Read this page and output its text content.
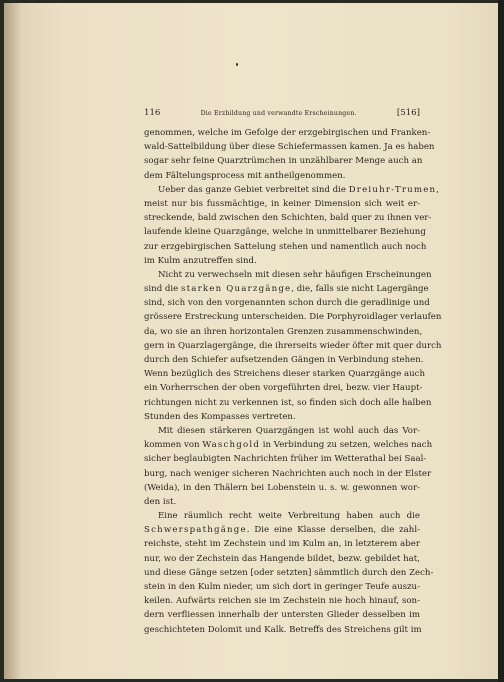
116	Die Erzbildung und verwandte Erscheinungen.	[516]
genommen, welche im Gefolge der erzgebirgischen und Franken-
wald-Sattelbildung über diese Schiefermassen kamen. Ja es haben
sogar sehr feine Quarztrümchen in unzählbarer Menge auch an
dem Fältelungsprocess mit antheilgenommen.
Ueber das ganze Gebiet verbreitet sind die Dreiuhr-Trumen,
meist nur bis fussmächtige, in keiner Dimension sich weit er-
streckende, bald zwischen den Schichten, bald quer zu ihnen ver-
laufende kleine Quarzgänge, welche in unmittelbarer Beziehung
zur erzgebirgischen Sattelung stehen und namentlich auch noch
im Kulm anzutreffen sind.
Nicht zu verwechseln mit diesen sehr häufigen Erscheinungen
sind die starken Quarzgänge, die, falls sie nicht Lagergänge
sind, sich von den vorgenannten schon durch die geradlinige und
grössere Erstreckung unterscheiden. Die Porphyroidlager verlaufen
da, wo sie an ihren horizontalen Grenzen zusammenschwinden,
gern in Quarzlagergänge, die ihrerseits wieder öfter mit quer durch
durch den Schiefer aufsetzenden Gängen in Verbindung stehen.
Wenn bezüglich des Streichens dieser starken Quarzgänge auch
ein Vorherrschen der oben vorgeführten drei, bezw. vier Haupt-
richtungen nicht zu verkennen ist, so finden sich doch alle halben
Stunden des Kompasses vertreten.
Mit diesen stärkeren Quarzgängen ist wohl auch das Vor-
kommen von Waschgold in Verbindung zu setzen, welches nach
sicher beglaubigten Nachrichten früher im Wetterathal bei Saal-
burg, nach weniger sicheren Nachrichten auch noch in der Elster
(Weida), in den Thälern bei Lobenstein u. s. w. gewonnen wor-
den ist.
Eine räumlich recht weite Verbreitung haben auch die
Schwerspathgänge. Die eine Klasse derselben, die zahl-
reichste, steht im Zechstein und im Kulm an, in letzterem aber
nur, wo der Zechstein das Hangende bildet, bezw. gebildet hat,
und diese Gänge setzen [oder setzten] sämmtlich durch den Zech-
stein in den Kulm nieder, um sich dort in geringer Teufe auszu-
keilen. Aufwärts reichen sie im Zechstein nie hoch hinauf, son-
dern verfliessen innerhalb der untersten Glieder desselben im
geschichteten Dolomit und Kalk. Betreffs des Streichens gilt im
